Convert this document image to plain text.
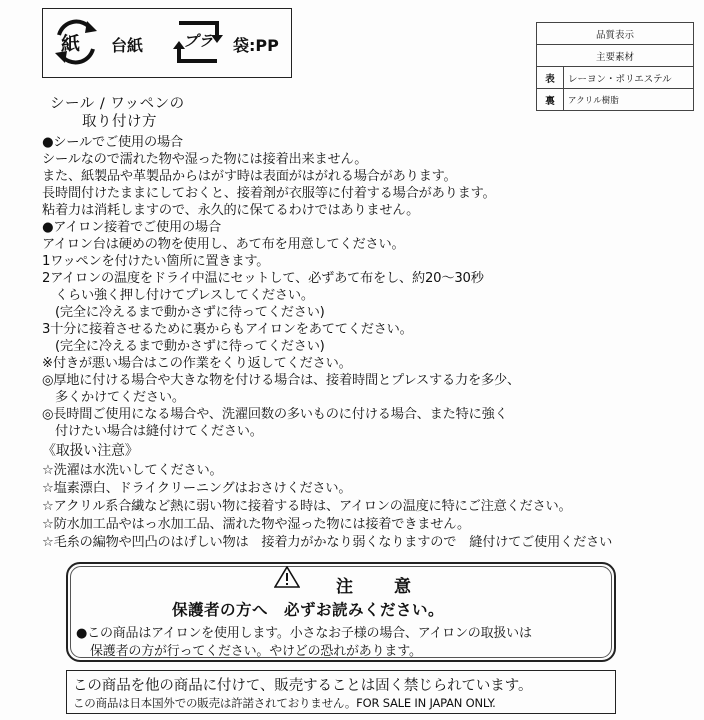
紙 台紙	プラ 袋:PP
品質表示	
主要素材	
表	レーヨン・ポリエステル
裏	アクリル樹脂
シール / ワッペンの
取り付け方
●シールでご使用の場合
シールなので濡れた物や湿った物には接着出来ません。
また、紙製品や革製品からはがす時は表面がはがれる場合があります。
長時間付けたままにしておくと、接着剤が衣服等に付着する場合があります。
粘着力は消耗しますので、永久的に保てるわけではありません。
●アイロン接着でご使用の場合
アイロン台は硬めの物を使用し、あて布を用意してください。
1ワッペンを付けたい箇所に置きます。
2アイロンの温度をドライ中温にセットして、必ずあて布をし、約20〜30秒
　くらい強く押し付けてプレスしてください。
　(完全に冷えるまで動かさずに待ってください)
3十分に接着させるために裏からもアイロンをあててください。
　(完全に冷えるまで動かさずに待ってください)
※付きが悪い場合はこの作業をくり返してください。
◎厚地に付ける場合や大きな物を付ける場合は、接着時間とプレスする力を多少、
　多くかけてください。
◎長時間ご使用になる場合や、洗濯回数の多いものに付ける場合、また特に強く
　付けたい場合は縫付けてください。
《取扱い注意》
☆洗濯は水洗いしてください。
☆塩素漂白、ドライクリーニングはおさけください。
☆アクリル系合繊など熱に弱い物に接着する時は、アイロンの温度に特にご注意ください。
☆防水加工品やはっ水加工品、濡れた物や湿った物には接着できません。
☆毛糸の編物や凹凸のはげしい物は　接着力がかなり弱くなりますので　縫付けてご使用ください
注　意
保護者の方へ　必ずお読みください。
●この商品はアイロンを使用します。小さなお子様の場合、アイロンの取扱いは
保護者の方が行ってください。やけどの恐れがあります。
この商品を他の商品に付けて、販売することは固く禁じられています。
この商品は日本国外での販売は許諾されておりません。FOR SALE IN JAPAN ONLY.
